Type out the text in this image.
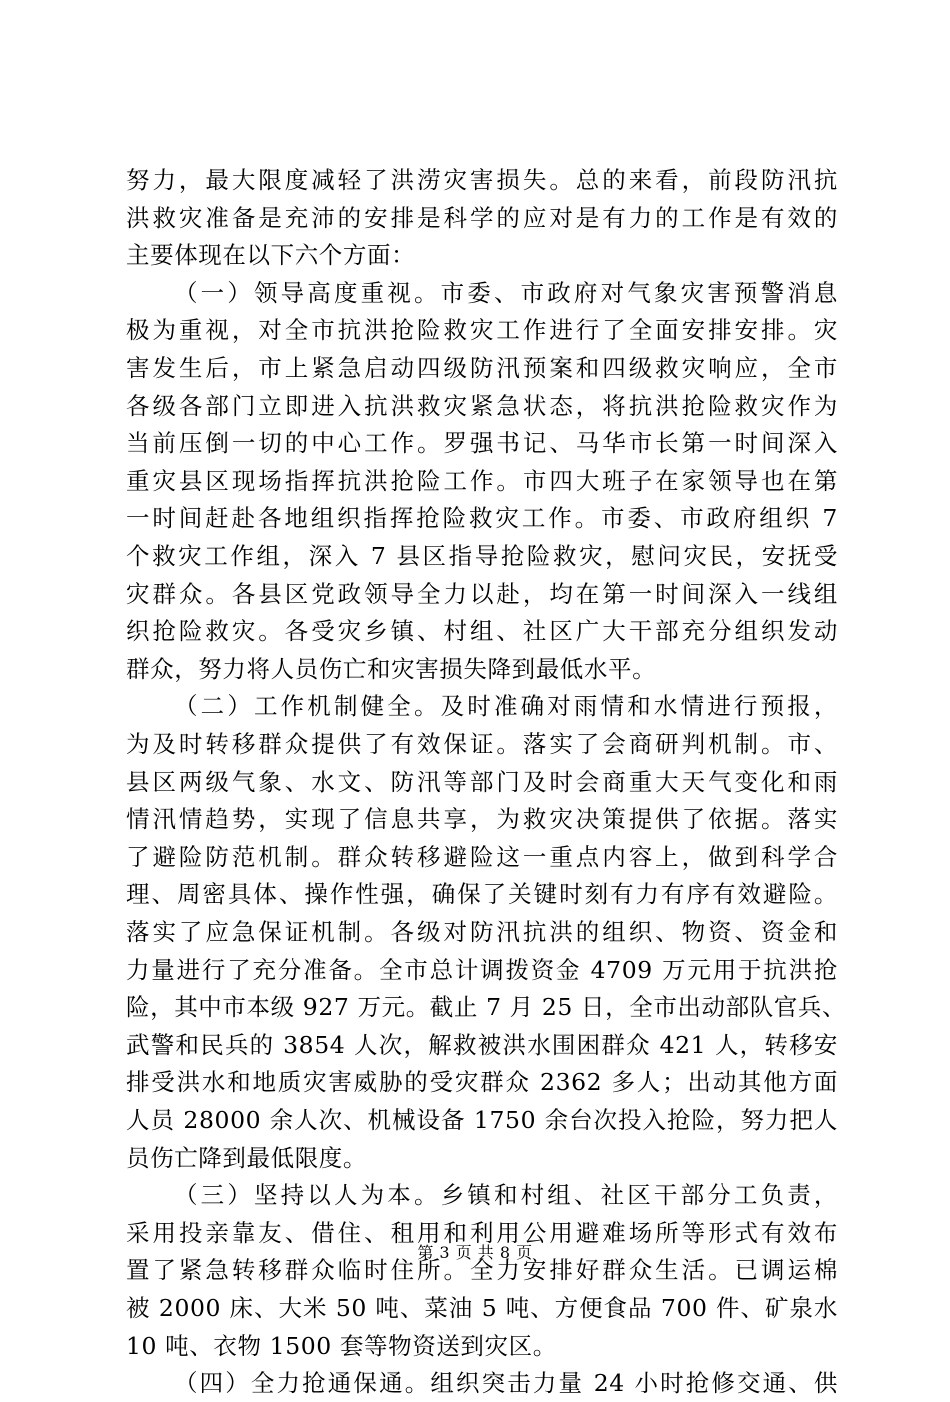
努力，最大限度减轻了洪涝灾害损失。总的来看，前段防汛抗
洪救灾准备是充沛的安排是科学的应对是有力的工作是有效的
主要体现在以下六个方面：
（一）领导高度重视。市委、市政府对气象灾害预警消息
极为重视，对全市抗洪抢险救灾工作进行了全面安排安排。灾
害发生后，市上紧急启动四级防汛预案和四级救灾响应，全市
各级各部门立即进入抗洪救灾紧急状态，将抗洪抢险救灾作为
当前压倒一切的中心工作。罗强书记、马华市长第一时间深入
重灾县区现场指挥抗洪抢险工作。市四大班子在家领导也在第
一时间赶赴各地组织指挥抢险救灾工作。市委、市政府组织 7
个救灾工作组，深入 7 县区指导抢险救灾，慰问灾民，安抚受
灾群众。各县区党政领导全力以赴，均在第一时间深入一线组
织抢险救灾。各受灾乡镇、村组、社区广大干部充分组织发动
群众，努力将人员伤亡和灾害损失降到最低水平。
（二）工作机制健全。及时准确对雨情和水情进行预报，
为及时转移群众提供了有效保证。落实了会商研判机制。市、
县区两级气象、水文、防汛等部门及时会商重大天气变化和雨
情汛情趋势，实现了信息共享，为救灾决策提供了依据。落实
了避险防范机制。群众转移避险这一重点内容上，做到科学合
理、周密具体、操作性强，确保了关键时刻有力有序有效避险。
落实了应急保证机制。各级对防汛抗洪的组织、物资、资金和
力量进行了充分准备。全市总计调拨资金 4709 万元用于抗洪抢
险，其中市本级 927 万元。截止 7 月 25 日，全市出动部队官兵、
武警和民兵的 3854 人次，解救被洪水围困群众 421 人，转移安
排受洪水和地质灾害威胁的受灾群众 2362 多人；出动其他方面
人员 28000 余人次、机械设备 1750 余台次投入抢险，努力把人
员伤亡降到最低限度。
（三）坚持以人为本。乡镇和村组、社区干部分工负责，
采用投亲靠友、借住、租用和利用公用避难场所等形式有效布
置了紧急转移群众临时住所。全力安排好群众生活。已调运棉
被 2000 床、大米 50 吨、菜油 5 吨、方便食品 700 件、矿泉水
10 吨、衣物 1500 套等物资送到灾区。
（四）全力抢通保通。组织突击力量 24 小时抢修交通、供
第 3 页 共 8 页
